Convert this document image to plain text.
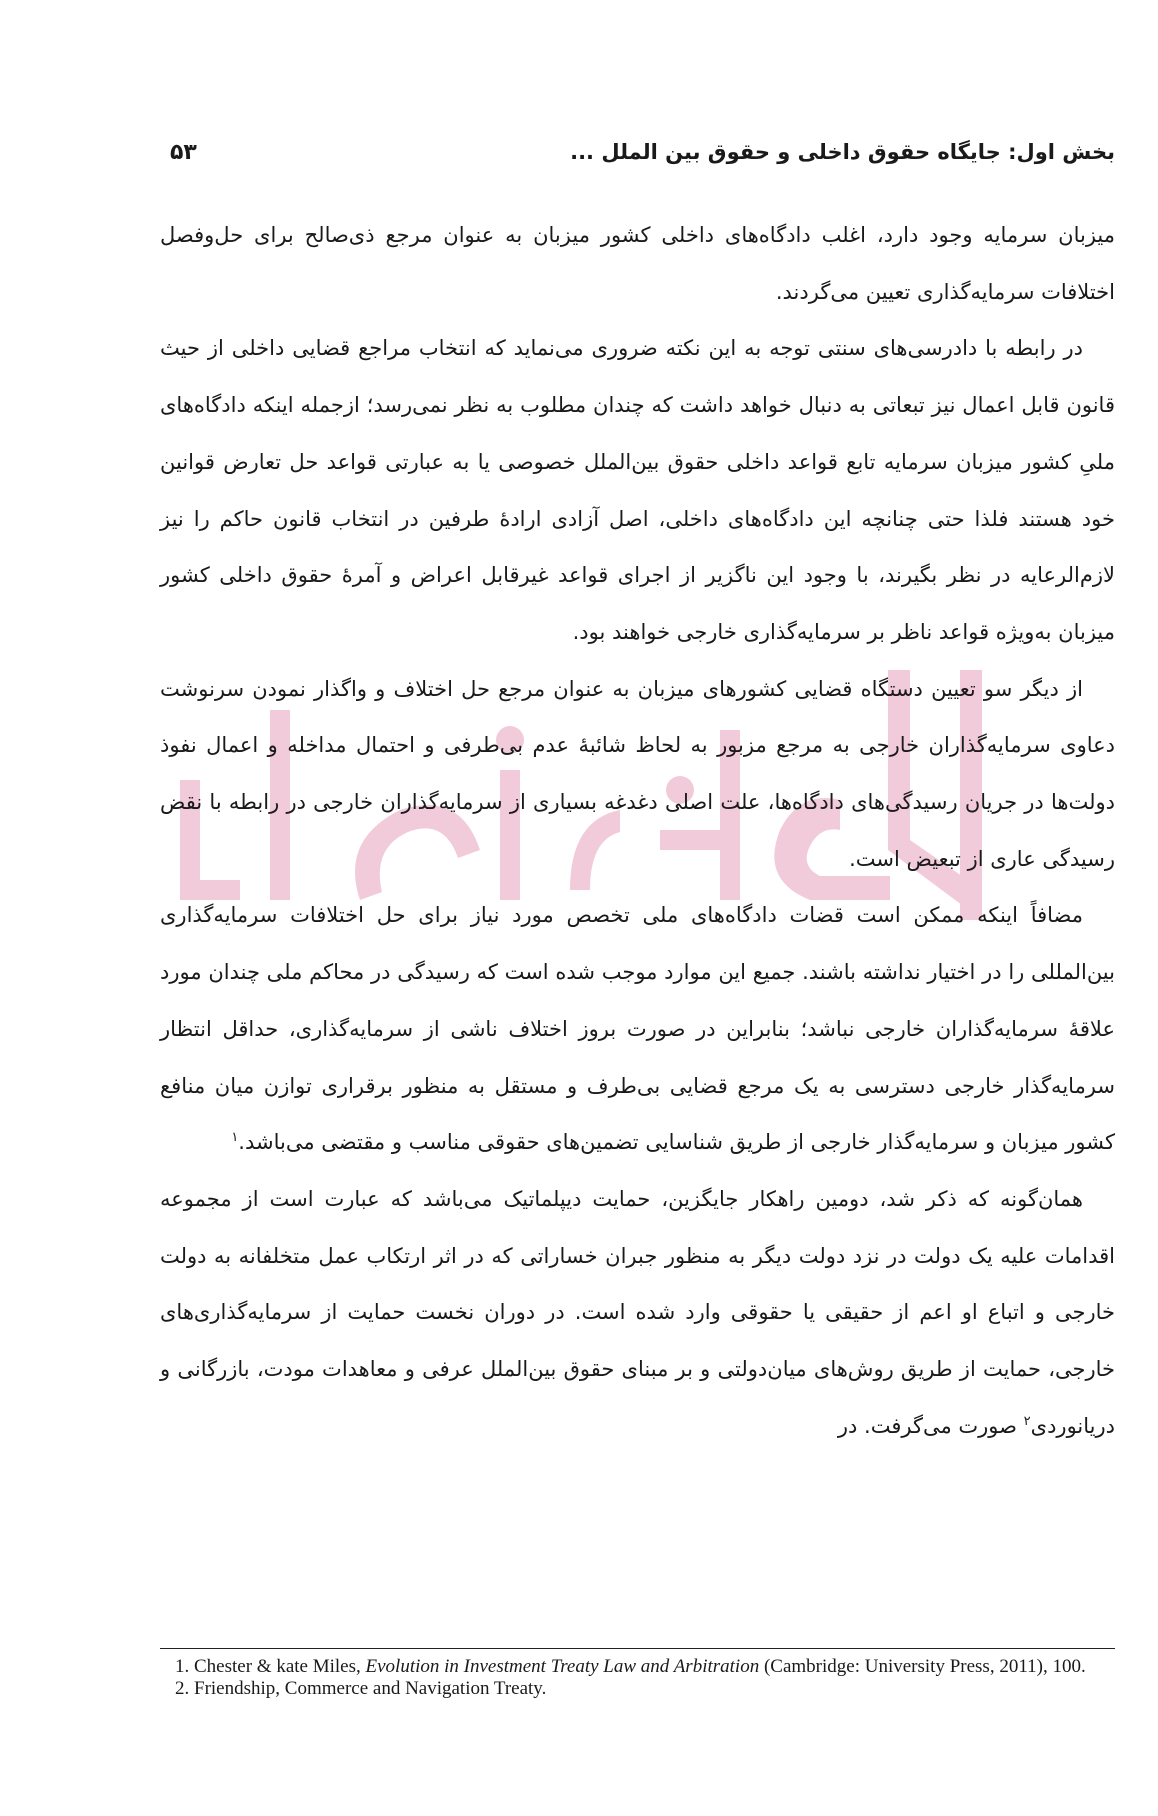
بخش اول: جایگاه حقوق داخلی و حقوق بین الملل ...
۵۳

میزبان سرمایه وجود دارد، اغلب دادگاه‌های داخلی کشور میزبان به عنوان مرجع ذی‌صالح برای حل‌وفصل اختلافات سرمایه‌گذاری تعیین می‌گردند.

در رابطه با دادرسی‌های سنتی توجه به این نکته ضروری می‌نماید که انتخاب مراجع قضایی داخلی از حیث قانون قابل اعمال نیز تبعاتی به دنبال خواهد داشت که چندان مطلوب به نظر نمی‌رسد؛ ازجمله اینکه دادگاه‌های ملیِ کشور میزبان سرمایه تابع قواعد داخلی حقوق بین‌الملل خصوصی یا به عبارتی قواعد حل تعارض قوانین خود هستند فلذا حتی چنانچه این دادگاه‌های داخلی، اصل آزادی ارادهٔ طرفین در انتخاب قانون حاکم را نیز لازم‌الرعایه در نظر بگیرند، با وجود این ناگزیر از اجرای قواعد غیرقابل اعراض و آمرهٔ حقوق داخلی کشور میزبان به‌ویژه قواعد ناظر بر سرمایه‌گذاری خارجی خواهند بود.

از دیگر سو تعیین دستگاه قضایی کشورهای میزبان به عنوان مرجع حل اختلاف و واگذار نمودن سرنوشت دعاوی سرمایه‌گذاران خارجی به مرجع مزبور به لحاظ شائبهٔ عدم بی‌طرفی و احتمال مداخله و اعمال نفوذ دولت‌ها در جریان رسیدگی‌های دادگاه‌ها، علت اصلی دغدغه بسیاری از سرمایه‌گذاران خارجی در رابطه با نقض رسیدگی عاری از تبعیض است.

مضافاً اینکه ممکن است قضات دادگاه‌های ملی تخصص مورد نیاز برای حل اختلافات سرمایه‌گذاری بین‌المللی را در اختیار نداشته باشند. جمیع این موارد موجب شده است که رسیدگی در محاکم ملی چندان مورد علاقهٔ سرمایه‌گذاران خارجی نباشد؛ بنابراین در صورت بروز اختلاف ناشی از سرمایه‌گذاری، حداقل انتظار سرمایه‌گذار خارجی دسترسی به یک مرجع قضایی بی‌طرف و مستقل به منظور برقراری توازن میان منافع کشور میزبان و سرمایه‌گذار خارجی از طریق شناسایی تضمین‌های حقوقی مناسب و مقتضی می‌باشد.$^۱$

همان‌گونه که ذکر شد، دومین راهکار جایگزین، حمایت دیپلماتیک می‌باشد که عبارت است از مجموعه اقدامات علیه یک دولت در نزد دولت دیگر به منظور جبران خساراتی که در اثر ارتکاب عمل متخلفانه به دولت خارجی و اتباع او اعم از حقیقی یا حقوقی وارد شده است. در دوران نخست حمایت از سرمایه‌گذاری‌های خارجی، حمایت از طریق روش‌های میان‌دولتی و بر مبنای حقوق بین‌الملل عرفی و معاهدات مودت، بازرگانی و دریانوردی$^۲$ صورت می‌گرفت. در

1. Chester & kate Miles, Evolution in Investment Treaty Law and Arbitration (Cambridge: University Press, 2011), 100.

2. Friendship, Commerce and Navigation Treaty.
